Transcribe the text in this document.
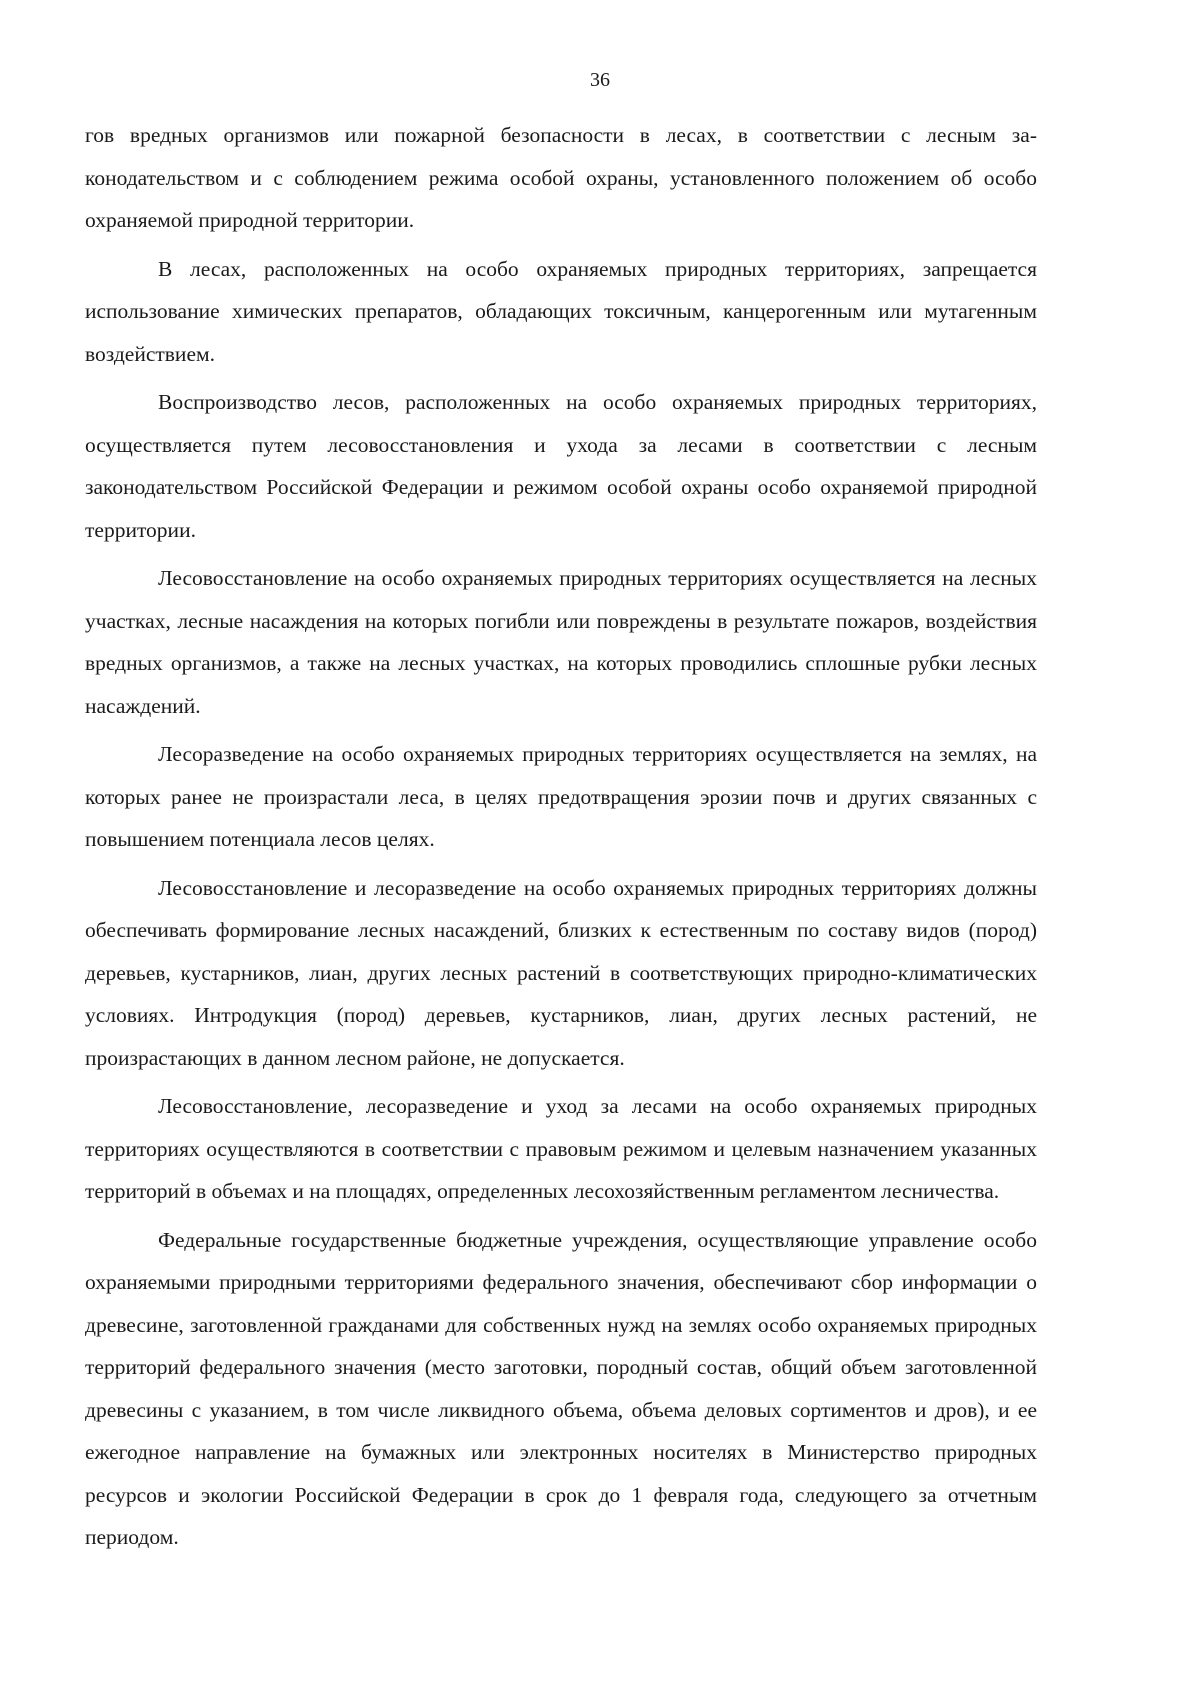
36

гов вредных организмов или пожарной безопасности в лесах, в соответствии с лесным законодательством и с соблюдением режима особой охраны, установленного положением об особо охраняемой природной территории.

В лесах, расположенных на особо охраняемых природных территориях, запрещается использование химических препаратов, обладающих токсичным, канцерогенным или мутагенным воздействием.

Воспроизводство лесов, расположенных на особо охраняемых природных территориях, осуществляется путем лесовосстановления и ухода за лесами в соответствии с лесным законодательством Российской Федерации и режимом особой охраны особо охраняемой природной территории.

Лесовосстановление на особо охраняемых природных территориях осуществляется на лесных участках, лесные насаждения на которых погибли или повреждены в результате пожаров, воздействия вредных организмов, а также на лесных участках, на которых проводились сплошные рубки лесных насаждений.

Лесоразведение на особо охраняемых природных территориях осуществляется на землях, на которых ранее не произрастали леса, в целях предотвращения эрозии почв и других связанных с повышением потенциала лесов целях.

Лесовосстановление и лесоразведение на особо охраняемых природных территориях должны обеспечивать формирование лесных насаждений, близких к естественным по составу видов (пород) деревьев, кустарников, лиан, других лесных растений в соответствующих природно-климатических условиях. Интродукция (пород) деревьев, кустарников, лиан, других лесных растений, не произрастающих в данном лесном районе, не допускается.

Лесовосстановление, лесоразведение и уход за лесами на особо охраняемых природных территориях осуществляются в соответствии с правовым режимом и целевым назначением указанных территорий в объемах и на площадях, определенных лесохозяйственным регламентом лесничества.

Федеральные государственные бюджетные учреждения, осуществляющие управление особо охраняемыми природными территориями федерального значения, обеспечивают сбор информации о древесине, заготовленной гражданами для собственных нужд на землях особо охраняемых природных территорий федерального значения (место заготовки, породный состав, общий объем заготовленной древесины с указанием, в том числе ликвидного объема, объема деловых сортиментов и дров), и ее ежегодное направление на бумажных или электронных носителях в Министерство природных ресурсов и экологии Российской Федерации в срок до 1 февраля года, следующего за отчетным периодом.
